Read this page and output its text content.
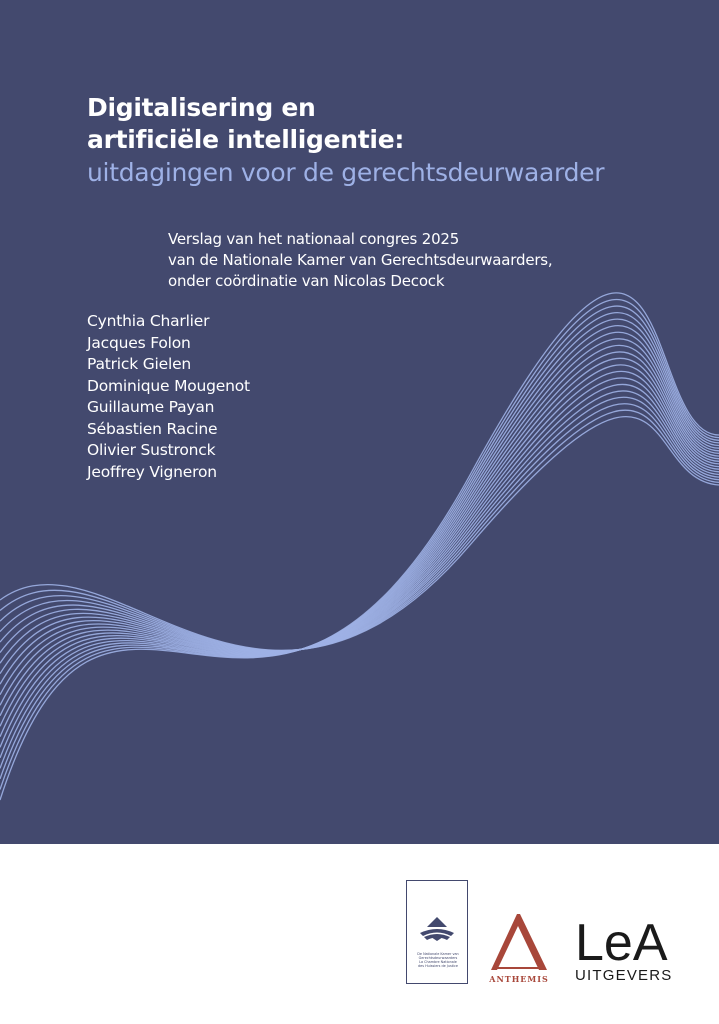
Digitalisering en
artificiële intelligentie:
uitdagingen voor de gerechtsdeurwaarder
Verslag van het nationaal congres 2025
van de Nationale Kamer van Gerechtsdeurwaarders,
onder coördinatie van Nicolas Decock
Cynthia Charlier
Jacques Folon
Patrick Gielen
Dominique Mougenot
Guillaume Payan
Sébastien Racine
Olivier Sustronck
Jeoffrey Vigneron
De Nationale Kamer van
Gerechtsdeurwaarders
La Chambre Nationale
des Huissiers de Justice
ANTHEMIS
LeA
UITGEVERS
